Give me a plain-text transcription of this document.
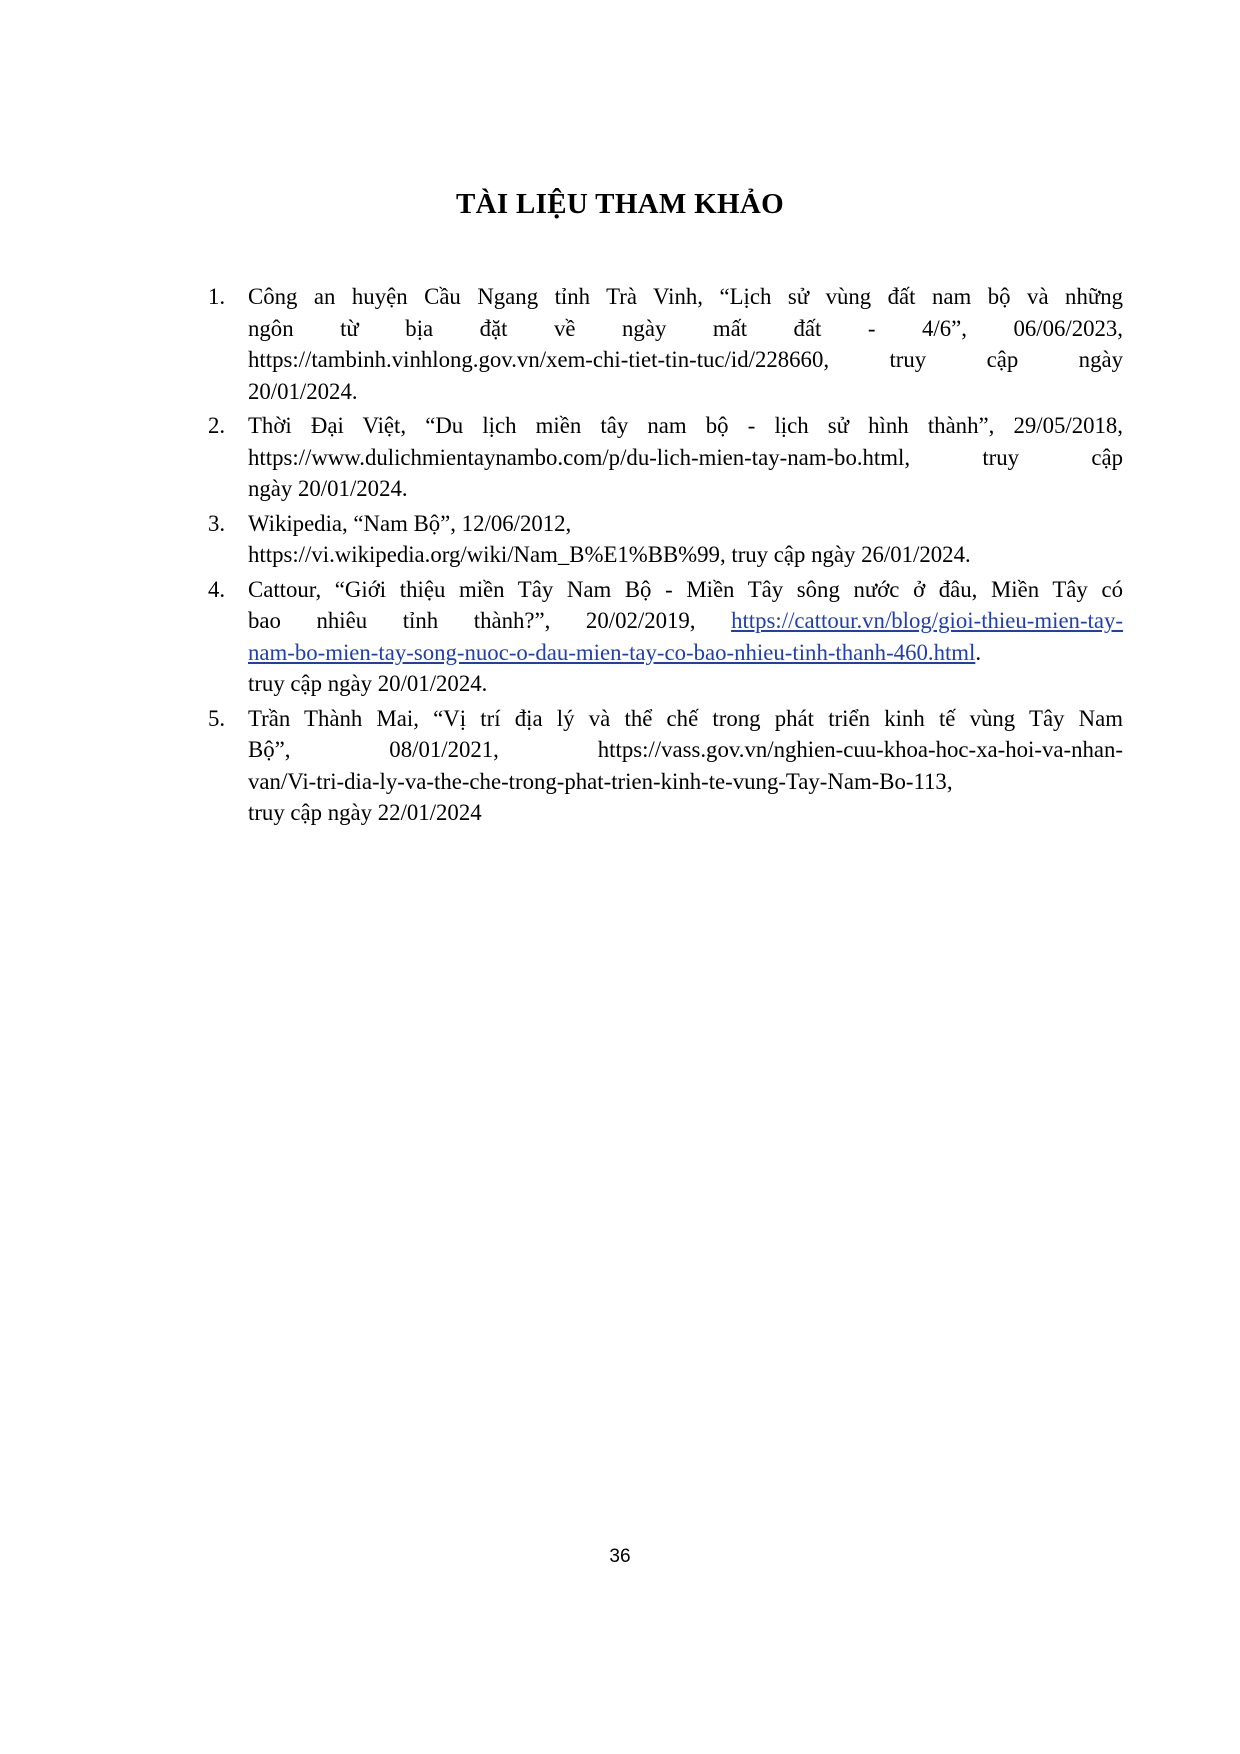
TÀI LIỆU THAM KHẢO
1.	Công an huyện Cầu Ngang tỉnh Trà Vinh, “Lịch sử vùng đất nam bộ và những
ngôn từ bịa đặt về ngày mất đất - 4/6”, 06/06/2023,
https://tambinh.vinhlong.gov.vn/xem-chi-tiet-tin-tuc/id/228660, truy cập ngày
20/01/2024.
2.	Thời Đại Việt, “Du lịch miền tây nam bộ - lịch sử hình thành”, 29/05/2018,
https://www.dulichmientaynambo.com/p/du-lich-mien-tay-nam-bo.html, truy cập
ngày 20/01/2024.
3.	Wikipedia, “Nam Bộ”, 12/06/2012,
https://vi.wikipedia.org/wiki/Nam_B%E1%BB%99, truy cập ngày 26/01/2024.
4.	Cattour, “Giới thiệu miền Tây Nam Bộ - Miền Tây sông nước ở đâu, Miền Tây có
bao nhiêu tỉnh thành?”, 20/02/2019, https://cattour.vn/blog/gioi-thieu-mien-tay-
nam-bo-mien-tay-song-nuoc-o-dau-mien-tay-co-bao-nhieu-tinh-thanh-460.html.
truy cập ngày 20/01/2024.
5.	Trần Thành Mai, “Vị trí địa lý và thể chế trong phát triển kinh tế vùng Tây Nam
Bộ”, 08/01/2021, https://vass.gov.vn/nghien-cuu-khoa-hoc-xa-hoi-va-nhan-
van/Vi-tri-dia-ly-va-the-che-trong-phat-trien-kinh-te-vung-Tay-Nam-Bo-113,
truy cập ngày 22/01/2024
36
